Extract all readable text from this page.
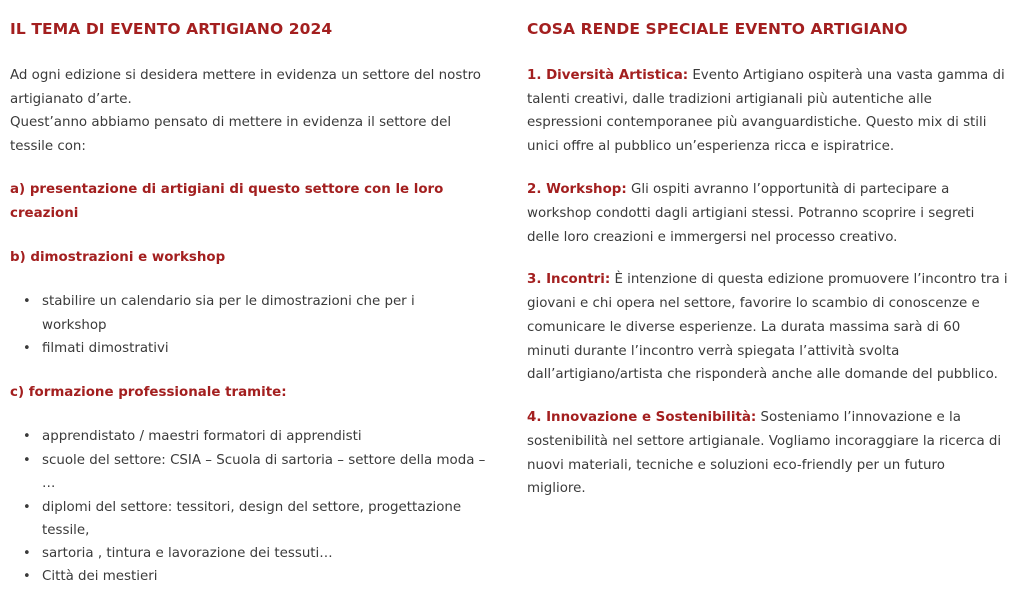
IL TEMA DI EVENTO ARTIGIANO 2024
Ad ogni edizione si desidera mettere in evidenza un settore del nostro
artigianato d’arte.
Quest’anno abbiamo pensato di mettere in evidenza il settore del
tessile con:
a) presentazione di artigiani di questo settore con le loro
creazioni
b) dimostrazioni e workshop
• stabilire un calendario sia per le dimostrazioni che per i
workshop
• filmati dimostrativi
c) formazione professionale tramite:
• apprendistato / maestri formatori di apprendisti
• scuole del settore: CSIA – Scuola di sartoria – settore della moda –
…
• diplomi del settore: tessitori, design del settore, progettazione
tessile,
• sartoria , tintura e lavorazione dei tessuti…
• Città dei mestieri
COSA RENDE SPECIALE EVENTO ARTIGIANO
1. Diversità Artistica: Evento Artigiano ospiterà una vasta gamma di
talenti creativi, dalle tradizioni artigianali più autentiche alle
espressioni contemporanee più avanguardistiche. Questo mix di stili
unici offre al pubblico un’esperienza ricca e ispiratrice.
2. Workshop: Gli ospiti avranno l’opportunità di partecipare a
workshop condotti dagli artigiani stessi. Potranno scoprire i segreti
delle loro creazioni e immergersi nel processo creativo.
3. Incontri: È intenzione di questa edizione promuovere l’incontro tra i
giovani e chi opera nel settore, favorire lo scambio di conoscenze e
comunicare le diverse esperienze. La durata massima sarà di 60
minuti durante l’incontro verrà spiegata l’attività svolta
dall’artigiano/artista che risponderà anche alle domande del pubblico.
4. Innovazione e Sostenibilità: Sosteniamo l’innovazione e la
sostenibilità nel settore artigianale. Vogliamo incoraggiare la ricerca di
nuovi materiali, tecniche e soluzioni eco-friendly per un futuro
migliore.
